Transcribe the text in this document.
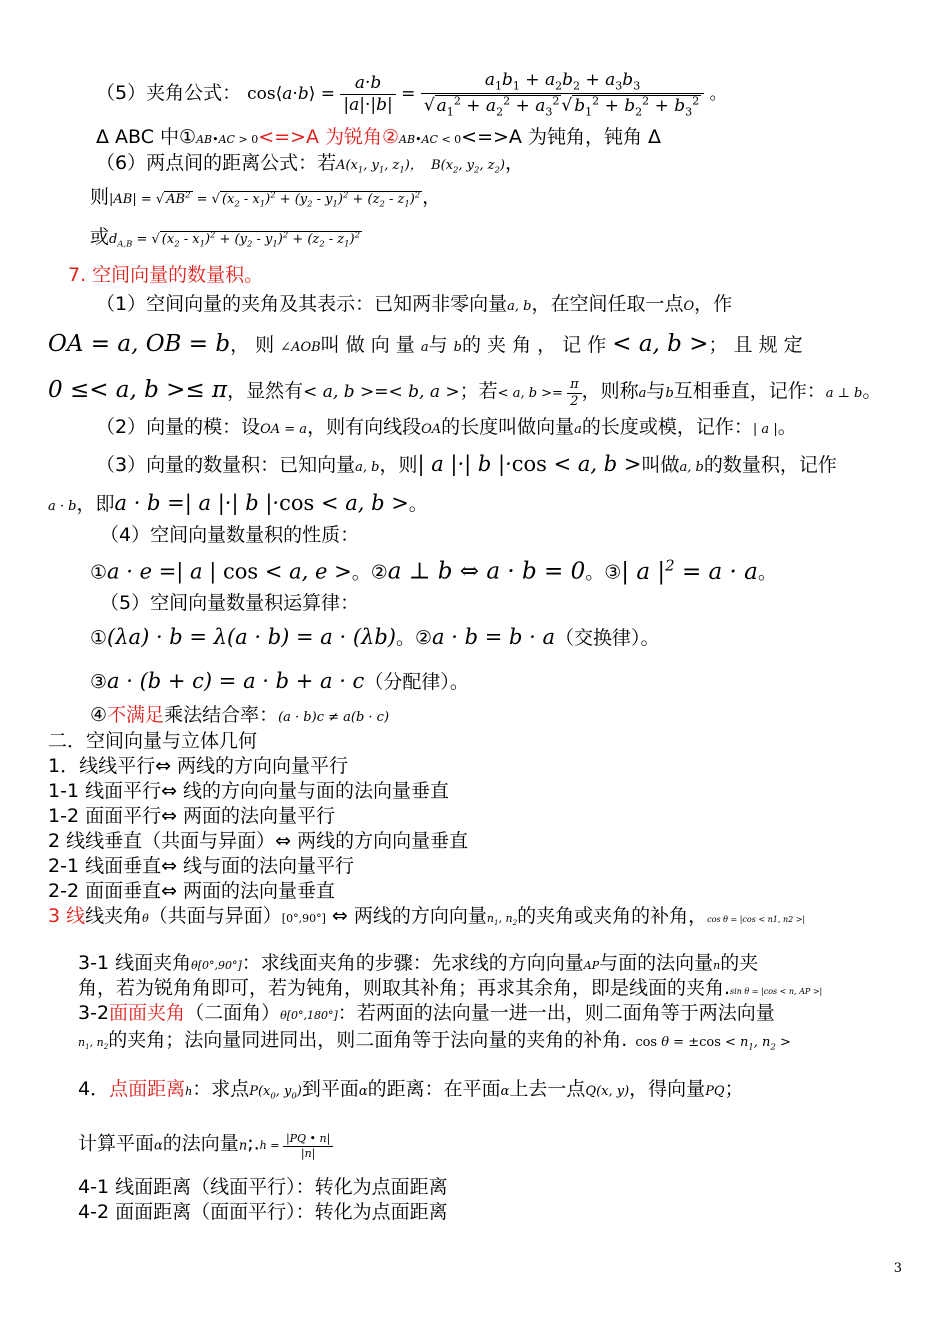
（5）夹角公式： cos⟨a·b⟩ = $\frac{a\cdot b}{|a|\cdot|b|} = \frac{a_1b_1 + a_2b_2 + a_3b_3}{√ a_1^2 + a_2^2 + a_3^2 √ b_1^2 + b_2^2 + b_3^2}$ 。
Δ ABC 中①AB•AC > 0<=>A 为锐角②AB•AC < 0<=>A 为钝角，钝角 Δ
（6）两点间的距离公式：若$A(x_1$, $y_1$, $z_1$)，  $B(x_2$, $y_2$, $z_2$)，
则|AB| = √ $AB^2$ = √ $(x_2 - x_1)^2 + (y_2 - y_1)^2 + (z_2 - z_1)^2$ ，
或$d_{A,B}$ = √ $(x_2 - x_1)^2 + (y_2 - y_1)^2 + (z_2 - z_1)^2$
7. 空间向量的数量积。
（1）空间向量的夹角及其表示：已知两非零向量a, b，在空间任取一点O，作
OA = a, OB = b， 则 ∠AOB叫 做 向 量 a与 b的 夹 角 ， 记 作 < a, b >； 且 规 定
0 ≤< a, b >≤ π，显然有< a, b >=< b, a >；若< a, $b >= \frac{\pi}{2}$ ，则称a与b互相垂直，记作：a ⊥ b。
（2）向量的模：设OA = a，则有向线段OA的长度叫做向量a的长度或模，记作：| a |。
（3）向量的数量积：已知向量a, b，则| a |·| b |·cos < a, b >叫做a, b的数量积，记作
a · b，即a · b =| a |·| b |·cos < a, b >。
（4）空间向量数量积的性质：
①a · e =| a | cos < a, e >。②a ⊥ b ⇔ a · b = 0。③| a $|^2 = a \cdot a$。
（5）空间向量数量积运算律：
①(λa) · b = λ(a · b) = a · (λb)。②a · b = b · a（交换律）。
③a · (b + c) = a · b + a · c（分配律）。
④不满足乘法结合率：(a · b)c ≠ a(b · c)
二．空间向量与立体几何
1．线线平行⇔ 两线的方向向量平行
1-1 线面平行⇔ 线的方向向量与面的法向量垂直
1-2 面面平行⇔ 两面的法向量平行
2 线线垂直（共面与异面）⇔ 两线的方向向量垂直
2-1 线面垂直⇔ 线与面的法向量平行
2-2 面面垂直⇔ 两面的法向量垂直
3 线线夹角θ（共面与异面）[0°,90°] ⇔ 两线的方向向量$n_1$, $n_2$的夹角或夹角的补角，cos θ = |cos < n1, n2 >|
3-1 线面夹角θ[0°,90°]：求线面夹角的步骤：先求线的方向向量AP与面的法向量n的夹
角，若为锐角角即可，若为钝角，则取其补角；再求其余角，即是线面的夹角.sin θ = |cos < n, AP >|
3-2面面夹角（二面角）θ[0°,180°]：若两面的法向量一进一出，则二面角等于两法向量
$n_1$, $n_2$的夹角；法向量同进同出，则二面角等于法向量的夹角的补角. $\cos \theta = \pm\cos < n_1$, $n_2$ >
4．点面距离h：求点$P(x_0$, $y_0$)到平面α的距离：在平面α上去一点Q(x, y)，得向量PQ；
计算平面α的法向量n;.h = $\frac{|PQ • n|}{|n|}$
4-1 线面距离（线面平行）：转化为点面距离
4-2 面面距离（面面平行）：转化为点面距离
3
